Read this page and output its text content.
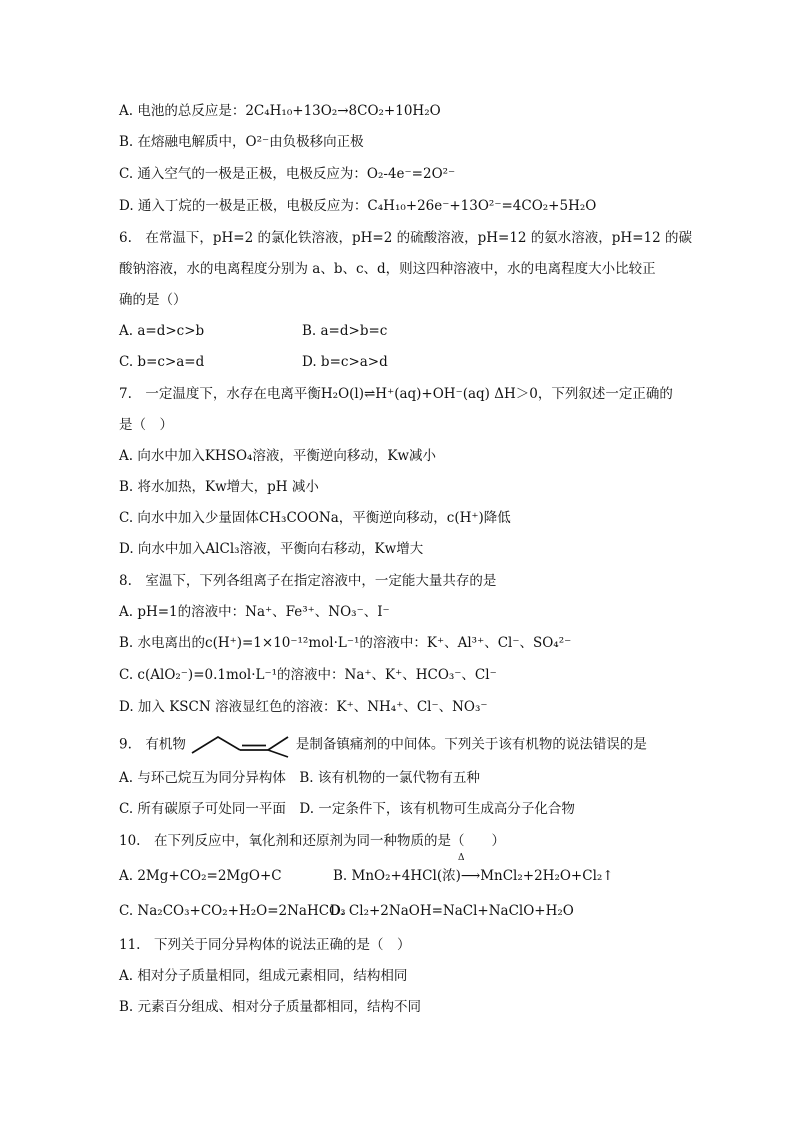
A. 电池的总反应是：2C₄H₁₀+13O₂→8CO₂+10H₂O
B. 在熔融电解质中，O²⁻由负极移向正极
C. 通入空气的一极是正极，电极反应为：O₂-4e⁻=2O²⁻
D. 通入丁烷的一极是正极，电极反应为：C₄H₁₀+26e⁻+13O²⁻=4CO₂+5H₂O
6.　在常温下，pH=2 的氯化铁溶液，pH=2 的硫酸溶液，pH=12 的氨水溶液，pH=12 的碳
酸钠溶液，水的电离程度分别为 a、b、c、d，则这四种溶液中，水的电离程度大小比较正
确的是（）
A. a=d>c>b	B. a=d>b=c
C. b=c>a=d	D. b=c>a>d
7.　一定温度下，水存在电离平衡H₂O(l)⇌H⁺(aq)+OH⁻(aq) ΔH＞0，下列叙述一定正确的
是（　）
A. 向水中加入KHSO₄溶液，平衡逆向移动，Kw减小
B. 将水加热，Kw增大，pH 减小
C. 向水中加入少量固体CH₃COONa，平衡逆向移动，c(H⁺)降低
D. 向水中加入AlCl₃溶液，平衡向右移动，Kw增大
8.　室温下，下列各组离子在指定溶液中，一定能大量共存的是
A. pH=1的溶液中：Na⁺、Fe³⁺、NO₃⁻、I⁻
B. 水电离出的c(H⁺)=1×10⁻¹²mol·L⁻¹的溶液中：K⁺、Al³⁺、Cl⁻、SO₄²⁻
C. c(AlO₂⁻)=0.1mol·L⁻¹的溶液中：Na⁺、K⁺、HCO₃⁻、Cl⁻
D. 加入 KSCN 溶液显红色的溶液：K⁺、NH₄⁺、Cl⁻、NO₃⁻
9.　有机物	是制备镇痛剂的中间体。下列关于该有机物的说法错误的是
A. 与环己烷互为同分异构体　B. 该有机物的一氯代物有五种
C. 所有碳原子可处同一平面　D. 一定条件下，该有机物可生成高分子化合物
10.　在下列反应中，氧化剂和还原剂为同一种物质的是（　　）
A. 2Mg+CO₂=2MgO+C
Δ
B. MnO₂+4HCl(浓)⟶MnCl₂+2H₂O+Cl₂↑
C. Na₂CO₃+CO₂+H₂O=2NaHCO₃
D. Cl₂+2NaOH=NaCl+NaClO+H₂O
11.　下列关于同分异构体的说法正确的是（　）
A. 相对分子质量相同，组成元素相同，结构相同
B. 元素百分组成、相对分子质量都相同，结构不同
